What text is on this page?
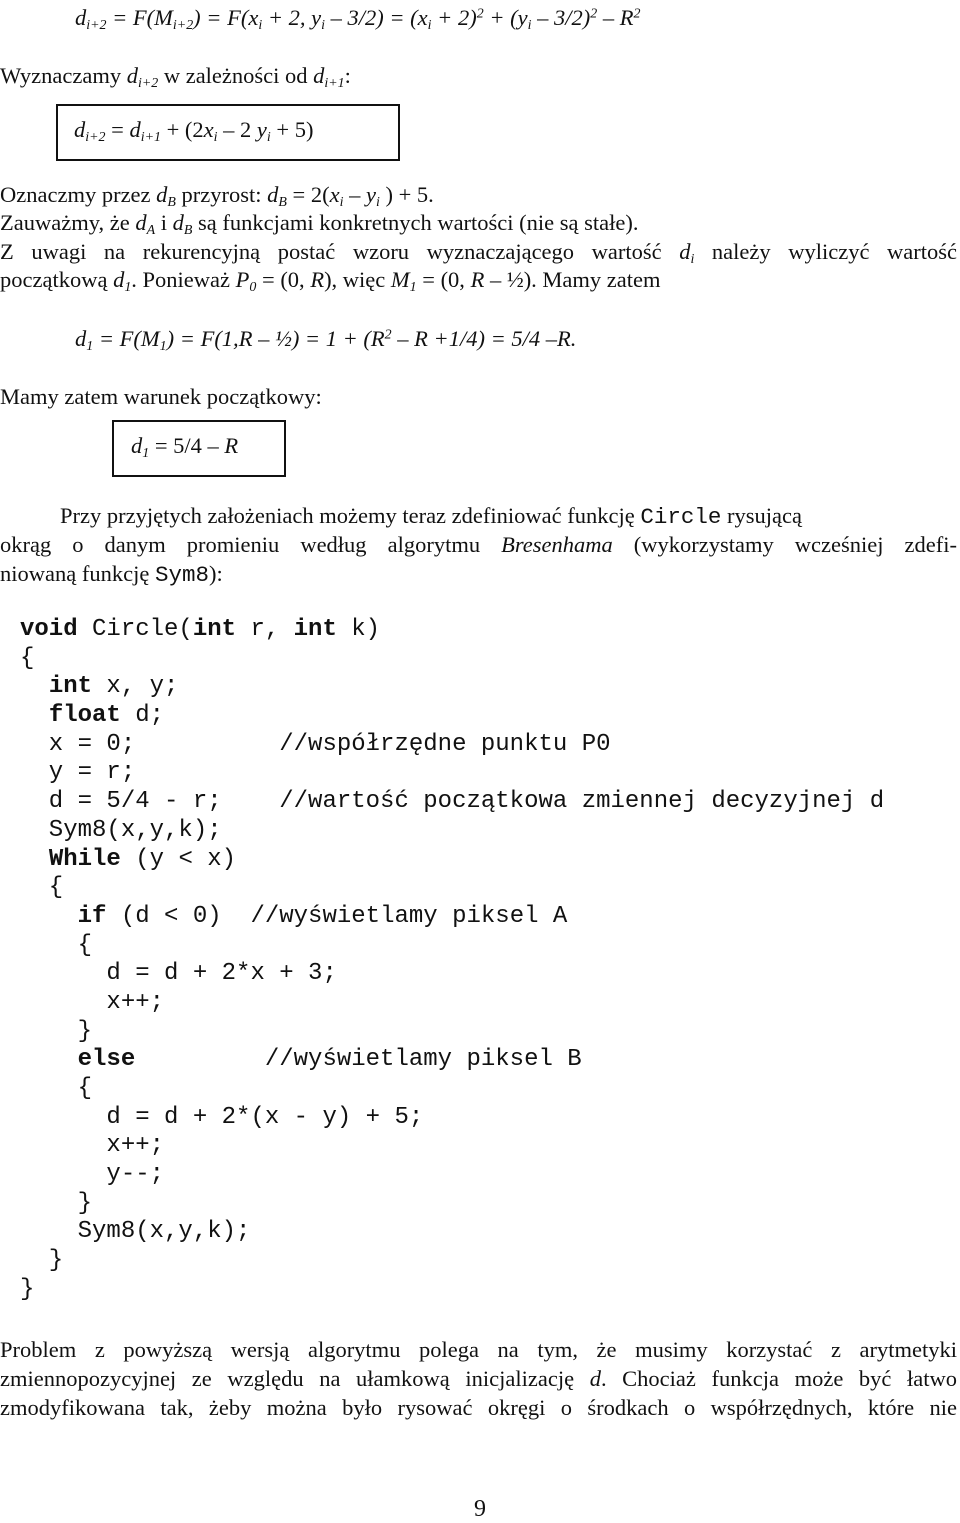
$d_{i+2} = F(M_{i+2}) = F(x_i + 2$, $y_i - 3/2) = (x_i + 2)^2 + (y_i - 3/2)^2 - R^2$
Wyznaczamy $d_{i+2}$ w zależności od $d_{i+1}$:
$d_{i+2} = d_{i+1} + (2x_i - 2$ $y_i + 5$)
Oznaczmy przez $d_B$ przyrost: $d_B = 2(x_i - y_i$ ) + 5.
Zauważmy, że $d_A$ i $d_B$ są funkcjami konkretnych wartości (nie są stałe).
Z uwagi na rekurencyjną postać wzoru wyznaczającego wartość $d_i$ należy wyliczyć wartość
początkową $d_1$. Ponieważ $P_0 = (0$, R), więc $M_1 = (0$, R – ½). Mamy zatem
$d_1 = F(M_1) = F(1,R$ – ½) = $1 + (R^2 - R +1/4) = 5/4$ –R.
Mamy zatem warunek początkowy:
$d_1 = 5/4 - R$
Przy przyjętych założeniach możemy teraz zdefiniować funkcję Circle rysującą
okrąg o danym promieniu według algorytmu Bresenhama (wykorzystamy wcześniej zdefi-
niowaną funkcję Sym8):
void Circle(int r, int k)
{
int x, y;
float d;
x = 0;          //współrzędne punktu P0
y = r;
d = 5/4 - r;    //wartość początkowa zmiennej decyzyjnej d
Sym8(x,y,k);
While (y < x)
{
if (d < 0)  //wyświetlamy piksel A
{
d = d + 2*x + 3;
x++;
}
else         //wyświetlamy piksel B
{
d = d + 2*(x - y) + 5;
x++;
y--;
}
Sym8(x,y,k);
}
}
Problem z powyższą wersją algorytmu polega na tym, że musimy korzystać z arytmetyki
zmiennopozycyjnej ze względu na ułamkową inicjalizację d. Chociaż funkcja może być łatwo
zmodyfikowana tak, żeby można było rysować okręgi o środkach o współrzędnych, które nie
9
